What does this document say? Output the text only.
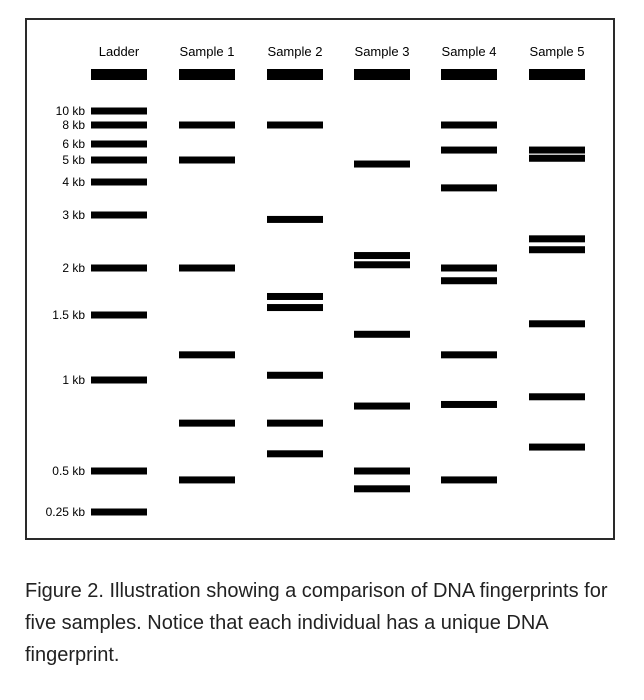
Ladder	Sample 1	Sample 2 Sample 3 Sample 4	Sample 5
10 kb
8 kb
6 kb
5 kb
4 kb
3 kb
2 kb
1.5 kb
1 kb
0.5 kb
0.25 kb

Figure 2. Illustration showing a comparison of DNA fingerprints for five samples. Notice that each individual has a unique DNA fingerprint.
